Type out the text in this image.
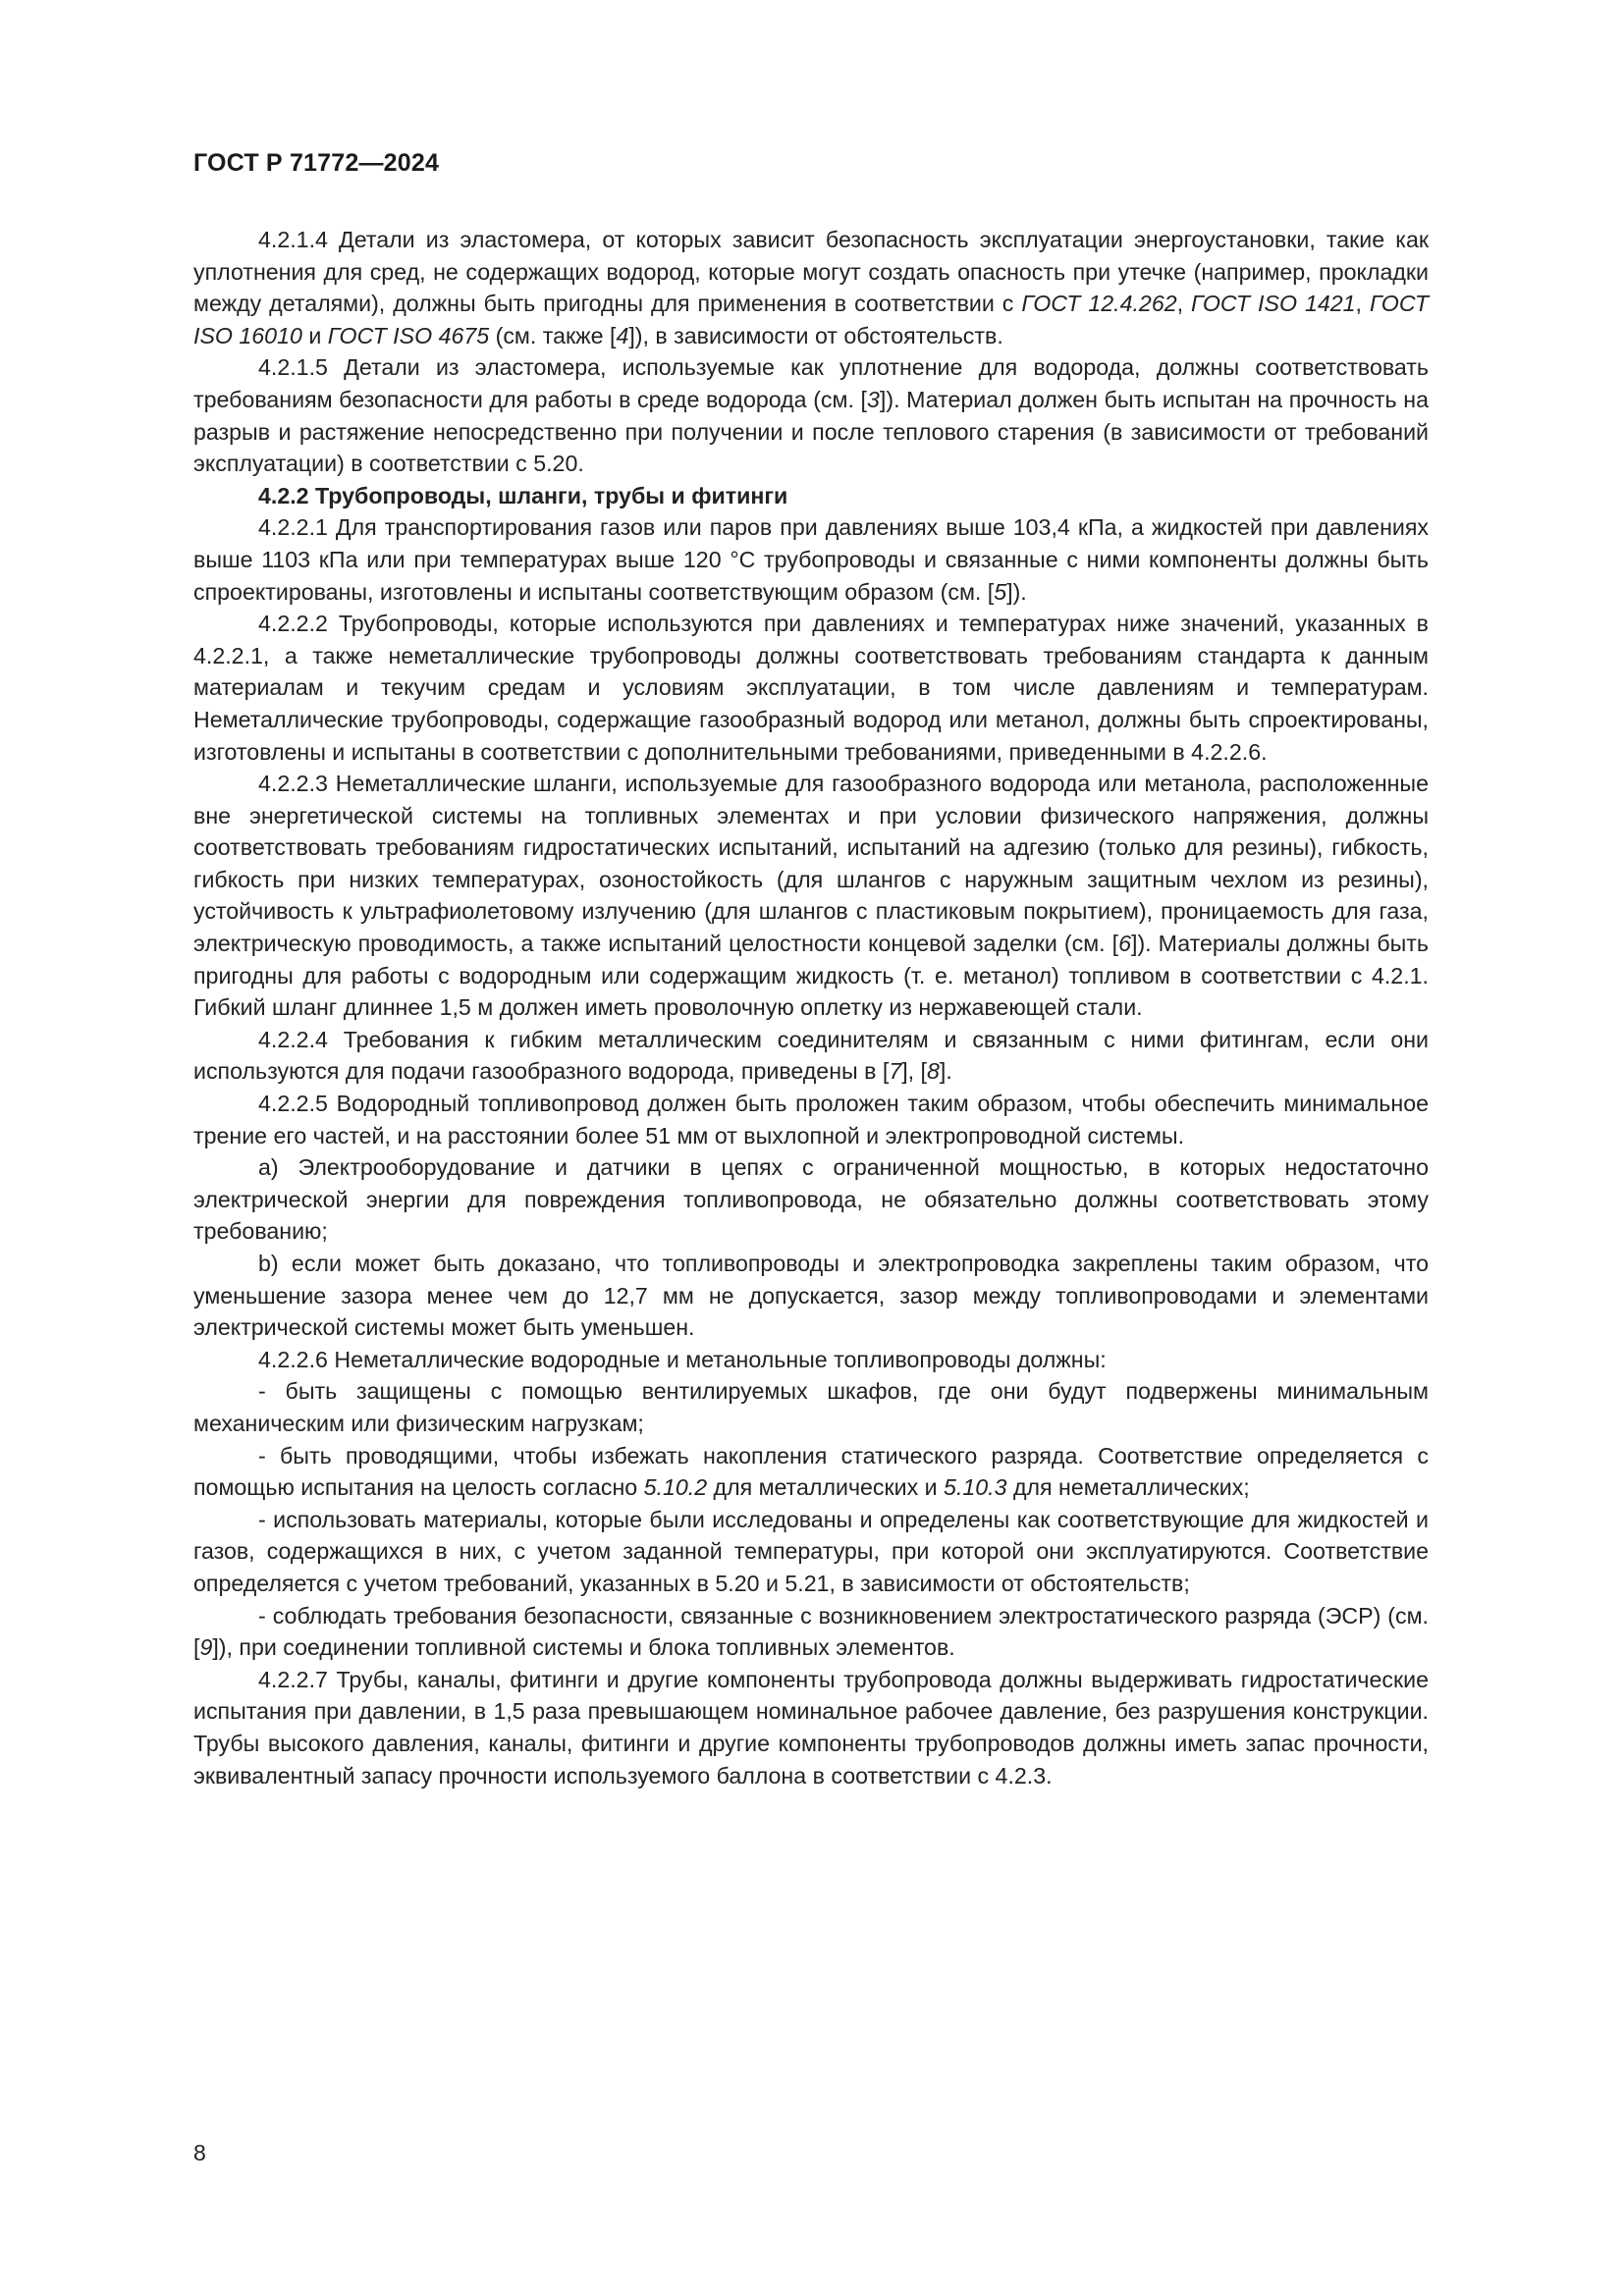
ГОСТ Р 71772—2024

4.2.1.4 Детали из эластомера, от которых зависит безопасность эксплуатации энергоустановки, такие как уплотнения для сред, не содержащих водород, которые могут создать опасность при утечке (например, прокладки между деталями), должны быть пригодны для применения в соответствии с ГОСТ 12.4.262, ГОСТ ISO 1421, ГОСТ ISO 16010 и ГОСТ ISO 4675 (см. также [4]), в зависимости от обстоятельств.

4.2.1.5 Детали из эластомера, используемые как уплотнение для водорода, должны соответствовать требованиям безопасности для работы в среде водорода (см. [3]). Материал должен быть испытан на прочность на разрыв и растяжение непосредственно при получении и после теплового старения (в зависимости от требований эксплуатации) в соответствии с 5.20.

4.2.2 Трубопроводы, шланги, трубы и фитинги

4.2.2.1 Для транспортирования газов или паров при давлениях выше 103,4 кПа, а жидкостей при давлениях выше 1103 кПа или при температурах выше 120 °С трубопроводы и связанные с ними компоненты должны быть спроектированы, изготовлены и испытаны соответствующим образом (см. [5]).

4.2.2.2 Трубопроводы, которые используются при давлениях и температурах ниже значений, указанных в 4.2.2.1, а также неметаллические трубопроводы должны соответствовать требованиям стандарта к данным материалам и текучим средам и условиям эксплуатации, в том числе давлениям и температурам. Неметаллические трубопроводы, содержащие газообразный водород или метанол, должны быть спроектированы, изготовлены и испытаны в соответствии с дополнительными требованиями, приведенными в 4.2.2.6.

4.2.2.3 Неметаллические шланги, используемые для газообразного водорода или метанола, расположенные вне энергетической системы на топливных элементах и при условии физического напряжения, должны соответствовать требованиям гидростатических испытаний, испытаний на адгезию (только для резины), гибкость, гибкость при низких температурах, озоностойкость (для шлангов с наружным защитным чехлом из резины), устойчивость к ультрафиолетовому излучению (для шлангов с пластиковым покрытием), проницаемость для газа, электрическую проводимость, а также испытаний целостности концевой заделки (см. [6]). Материалы должны быть пригодны для работы с водородным или содержащим жидкость (т. е. метанол) топливом в соответствии с 4.2.1. Гибкий шланг длиннее 1,5 м должен иметь проволочную оплетку из нержавеющей стали.

4.2.2.4 Требования к гибким металлическим соединителям и связанным с ними фитингам, если они используются для подачи газообразного водорода, приведены в [7], [8].

4.2.2.5 Водородный топливопровод должен быть проложен таким образом, чтобы обеспечить минимальное трение его частей, и на расстоянии более 51 мм от выхлопной и электропроводной системы.

а) Электрооборудование и датчики в цепях с ограниченной мощностью, в которых недостаточно электрической энергии для повреждения топливопровода, не обязательно должны соответствовать этому требованию;

b) если может быть доказано, что топливопроводы и электропроводка закреплены таким образом, что уменьшение зазора менее чем до 12,7 мм не допускается, зазор между топливопроводами и элементами электрической системы может быть уменьшен.

4.2.2.6 Неметаллические водородные и метанольные топливопроводы должны:

- быть защищены с помощью вентилируемых шкафов, где они будут подвержены минимальным механическим или физическим нагрузкам;

- быть проводящими, чтобы избежать накопления статического разряда. Соответствие определяется с помощью испытания на целость согласно 5.10.2 для металлических и 5.10.3 для неметаллических;

- использовать материалы, которые были исследованы и определены как соответствующие для жидкостей и газов, содержащихся в них, с учетом заданной температуры, при которой они эксплуатируются. Соответствие определяется с учетом требований, указанных в 5.20 и 5.21, в зависимости от обстоятельств;

- соблюдать требования безопасности, связанные с возникновением электростатического разряда (ЭСР) (см. [9]), при соединении топливной системы и блока топливных элементов.

4.2.2.7 Трубы, каналы, фитинги и другие компоненты трубопровода должны выдерживать гидростатические испытания при давлении, в 1,5 раза превышающем номинальное рабочее давление, без разрушения конструкции. Трубы высокого давления, каналы, фитинги и другие компоненты трубопроводов должны иметь запас прочности, эквивалентный запасу прочности используемого баллона в соответствии с 4.2.3.

8
